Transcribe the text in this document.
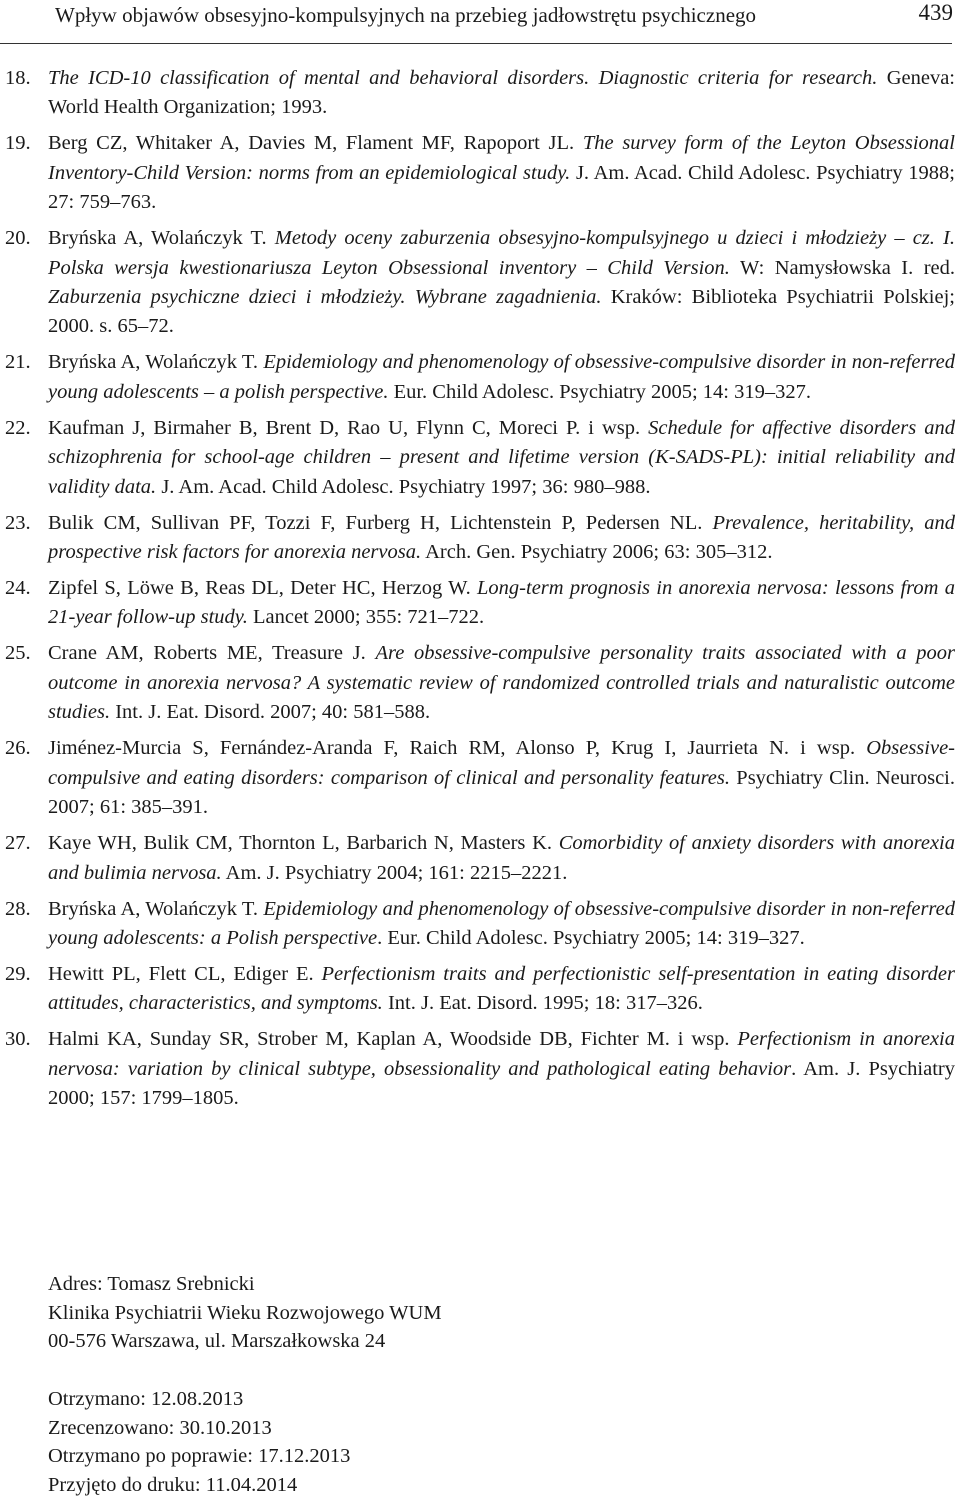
Wpływ objawów obsesyjno-kompulsyjnych na przebieg jadłowstrętu psychicznego	439
18. The ICD-10 classification of mental and behavioral disorders. Diagnostic criteria for research. Geneva: World Health Organization; 1993.
19. Berg CZ, Whitaker A, Davies M, Flament MF, Rapoport JL. The survey form of the Leyton Obsessional Inventory-Child Version: norms from an epidemiological study. J. Am. Acad. Child Adolesc. Psychiatry 1988; 27: 759–763.
20. Bryńska A, Wolańczyk T. Metody oceny zaburzenia obsesyjno-kompulsyjnego u dzieci i młodzieży – cz. I. Polska wersja kwestionariusza Leyton Obsessional inventory – Child Version. W: Namysłowska I. red. Zaburzenia psychiczne dzieci i młodzieży. Wybrane zagadnienia. Kraków: Biblioteka Psychiatrii Polskiej; 2000. s. 65–72.
21. Bryńska A, Wolańczyk T. Epidemiology and phenomenology of obsessive-compulsive disorder in non-referred young adolescents – a polish perspective. Eur. Child Adolesc. Psychiatry 2005; 14: 319–327.
22. Kaufman J, Birmaher B, Brent D, Rao U, Flynn C, Moreci P. i wsp. Schedule for affective disorders and schizophrenia for school-age children – present and lifetime version (K-SADS-PL): initial reliability and validity data. J. Am. Acad. Child Adolesc. Psychiatry 1997; 36: 980–988.
23. Bulik CM, Sullivan PF, Tozzi F, Furberg H, Lichtenstein P, Pedersen NL. Prevalence, heritability, and prospective risk factors for anorexia nervosa. Arch. Gen. Psychiatry 2006; 63: 305–312.
24. Zipfel S, Löwe B, Reas DL, Deter HC, Herzog W. Long-term prognosis in anorexia nervosa: lessons from a 21-year follow-up study. Lancet 2000; 355: 721–722.
25. Crane AM, Roberts ME, Treasure J. Are obsessive-compulsive personality traits associated with a poor outcome in anorexia nervosa? A systematic review of randomized controlled trials and naturalistic outcome studies. Int. J. Eat. Disord. 2007; 40: 581–588.
26. Jiménez-Murcia S, Fernández-Aranda F, Raich RM, Alonso P, Krug I, Jaurrieta N. i wsp. Obsessive-compulsive and eating disorders: comparison of clinical and personality features. Psychiatry Clin. Neurosci. 2007; 61: 385–391.
27. Kaye WH, Bulik CM, Thornton L, Barbarich N, Masters K. Comorbidity of anxiety disorders with anorexia and bulimia nervosa. Am. J. Psychiatry 2004; 161: 2215–2221.
28. Bryńska A, Wolańczyk T. Epidemiology and phenomenology of obsessive-compulsive disorder in non-referred young adolescents: a Polish perspective. Eur. Child Adolesc. Psychiatry 2005; 14: 319–327.
29. Hewitt PL, Flett CL, Ediger E. Perfectionism traits and perfectionistic self-presentation in eating disorder attitudes, characteristics, and symptoms. Int. J. Eat. Disord. 1995; 18: 317–326.
30. Halmi KA, Sunday SR, Strober M, Kaplan A, Woodside DB, Fichter M. i wsp. Perfectionism in anorexia nervosa: variation by clinical subtype, obsessionality and pathological eating behavior. Am. J. Psychiatry 2000; 157: 1799–1805.
Adres: Tomasz Srebnicki
Klinika Psychiatrii Wieku Rozwojowego WUM
00-576 Warszawa, ul. Marszałkowska 24
Otrzymano: 12.08.2013
Zrecenzowano: 30.10.2013
Otrzymano po poprawie: 17.12.2013
Przyjęto do druku: 11.04.2014
